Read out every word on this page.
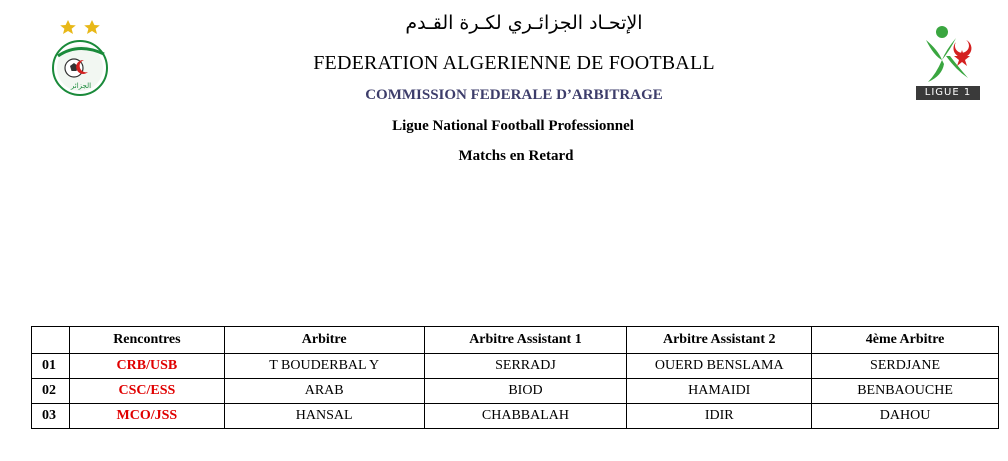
الجزائر
LIGUE 1
الإتحـاد الجزائـري لكـرة القـدم
FEDERATION ALGERIENNE DE FOOTBALL
COMMISSION FEDERALE D’ARBITRAGE
Ligue National Football Professionnel
Matchs en Retard
	Rencontres	Arbitre	Arbitre Assistant 1	Arbitre Assistant 2	4ème Arbitre
01	CRB/USB	T BOUDERBAL Y	SERRADJ	OUERD BENSLAMA	SERDJANE
02	CSC/ESS	ARAB	BIOD	HAMAIDI	BENBAOUCHE
03	MCO/JSS	HANSAL	CHABBALAH	IDIR	DAHOU
